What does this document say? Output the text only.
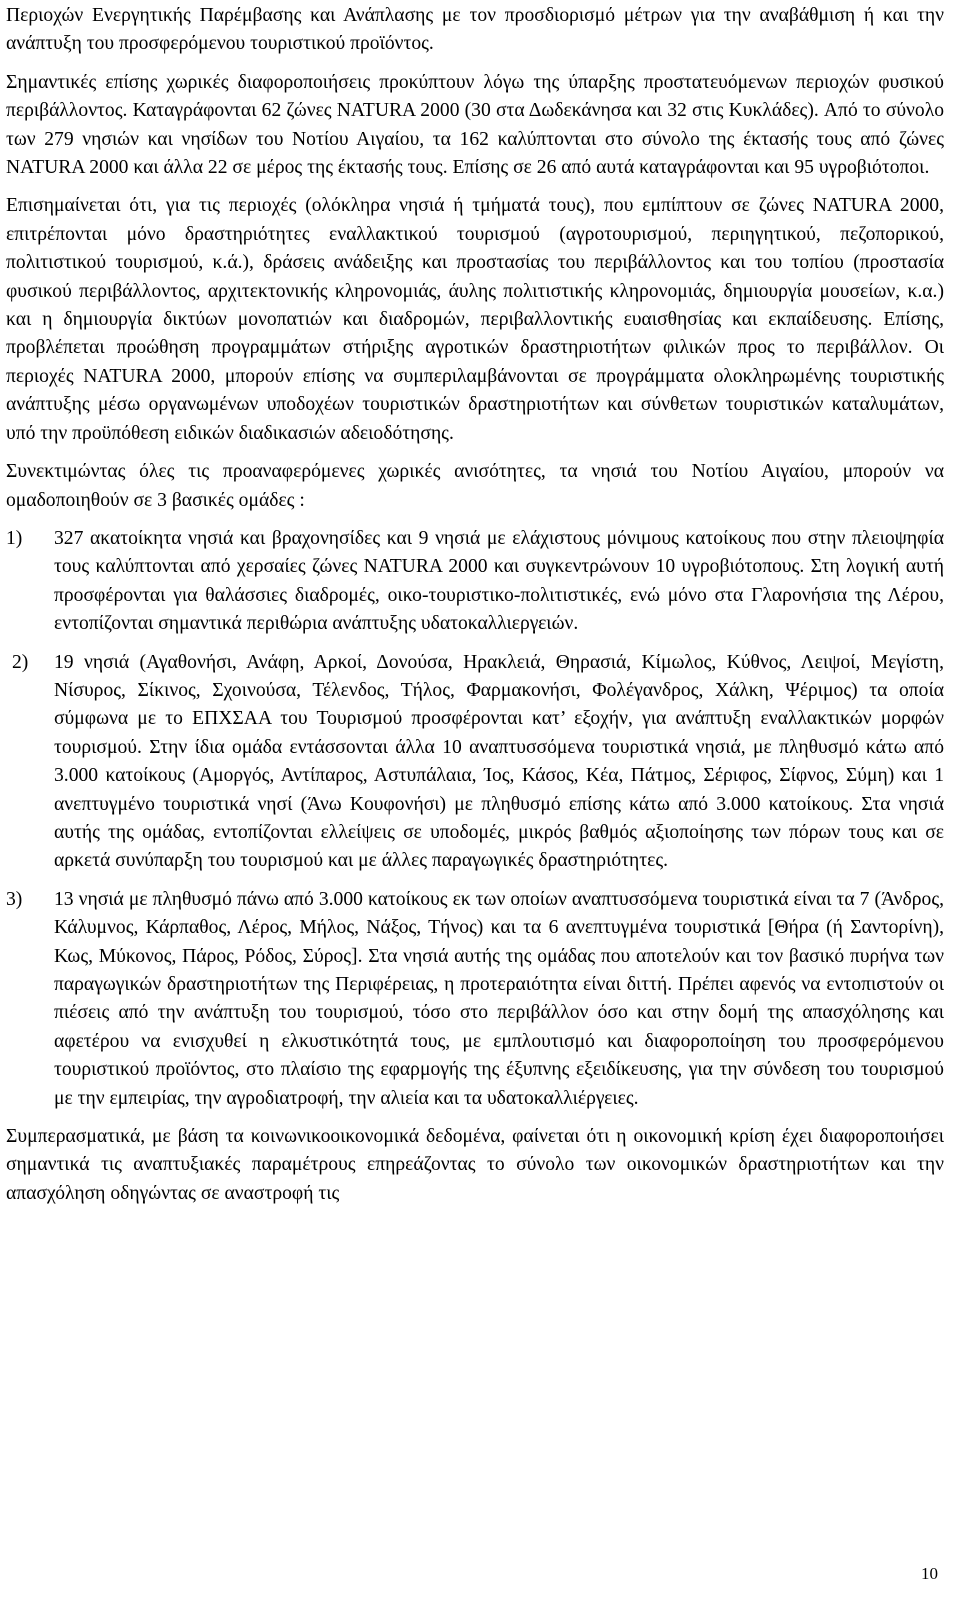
Περιοχών Ενεργητικής Παρέμβασης και Ανάπλασης με τον προσδιορισμό μέτρων για την αναβάθμιση ή και την ανάπτυξη του προσφερόμενου τουριστικού προϊόντος.

Σημαντικές επίσης χωρικές διαφοροποιήσεις προκύπτουν λόγω της ύπαρξης προστατευόμενων περιοχών φυσικού περιβάλλοντος. Καταγράφονται 62 ζώνες NATURA 2000 (30 στα Δωδεκάνησα και 32 στις Κυκλάδες). Από το σύνολο των 279 νησιών και νησίδων του Νοτίου Αιγαίου, τα 162 καλύπτονται στο σύνολο της έκτασής τους από ζώνες NATURA 2000 και άλλα 22 σε μέρος της έκτασής τους. Επίσης σε 26 από αυτά καταγράφονται και 95 υγροβιότοποι.

Επισημαίνεται ότι, για τις περιοχές (ολόκληρα νησιά ή τμήματά τους), που εμπίπτουν σε ζώνες NATURA 2000, επιτρέπονται μόνο δραστηριότητες εναλλακτικού τουρισμού (αγροτουρισμού, περιηγητικού, πεζοπορικού, πολιτιστικού τουρισμού, κ.ά.), δράσεις ανάδειξης και προστασίας του περιβάλλοντος και του τοπίου (προστασία φυσικού περιβάλλοντος, αρχιτεκτονικής κληρονομιάς, άυλης πολιτιστικής κληρονομιάς, δημιουργία μουσείων, κ.α.) και η δημιουργία δικτύων μονοπατιών και διαδρομών, περιβαλλοντικής ευαισθησίας και εκπαίδευσης. Επίσης, προβλέπεται προώθηση προγραμμάτων στήριξης αγροτικών δραστηριοτήτων φιλικών προς το περιβάλλον. Οι περιοχές NATURA 2000, μπορούν επίσης να συμπεριλαμβάνονται σε προγράμματα ολοκληρωμένης τουριστικής ανάπτυξης μέσω οργανωμένων υποδοχέων τουριστικών δραστηριοτήτων και σύνθετων τουριστικών καταλυμάτων, υπό την προϋπόθεση ειδικών διαδικασιών αδειοδότησης.

Συνεκτιμώντας όλες τις προαναφερόμενες χωρικές ανισότητες, τα νησιά του Νοτίου Αιγαίου, μπορούν να ομαδοποιηθούν σε 3 βασικές ομάδες :

1)	327 ακατοίκητα νησιά και βραχονησίδες και 9 νησιά με ελάχιστους μόνιμους κατοίκους που στην πλειοψηφία τους καλύπτονται από χερσαίες ζώνες NATURA 2000 και συγκεντρώνουν 10 υγροβιότοπους. Στη λογική αυτή προσφέρονται για θαλάσσιες διαδρομές, οικο-τουριστικο-πολιτιστικές, ενώ μόνο στα Γλαρονήσια της Λέρου, εντοπίζονται σημαντικά περιθώρια ανάπτυξης υδατοκαλλιεργειών.
2)	19 νησιά (Αγαθονήσι, Ανάφη, Αρκοί, Δονούσα, Ηρακλειά, Θηρασιά, Κίμωλος, Κύθνος, Λειψοί, Μεγίστη, Νίσυρος, Σίκινος, Σχοινούσα, Τέλενδος, Τήλος, Φαρμακονήσι, Φολέγανδρος, Χάλκη, Ψέριμος) τα οποία σύμφωνα με το ΕΠΧΣΑΑ του Τουρισμού προσφέρονται κατ’ εξοχήν, για ανάπτυξη εναλλακτικών μορφών τουρισμού. Στην ίδια ομάδα εντάσσονται άλλα 10 αναπτυσσόμενα τουριστικά νησιά, με πληθυσμό κάτω από 3.000 κατοίκους (Αμοργός, Αντίπαρος, Αστυπάλαια, Ίος, Κάσος, Κέα, Πάτμος, Σέριφος, Σίφνος, Σύμη) και 1 ανεπτυγμένο τουριστικά νησί (Άνω Κουφονήσι) με πληθυσμό επίσης κάτω από 3.000 κατοίκους. Στα νησιά αυτής της ομάδας, εντοπίζονται ελλείψεις σε υποδομές, μικρός βαθμός αξιοποίησης των πόρων τους και σε αρκετά συνύπαρξη του τουρισμού και με άλλες παραγωγικές δραστηριότητες.
3)	13 νησιά με πληθυσμό πάνω από 3.000 κατοίκους εκ των οποίων αναπτυσσόμενα τουριστικά είναι τα 7 (Άνδρος, Κάλυμνος, Κάρπαθος, Λέρος, Μήλος, Νάξος, Τήνος) και τα 6 ανεπτυγμένα τουριστικά [Θήρα (ή Σαντορίνη), Κως, Μύκονος, Πάρος, Ρόδος, Σύρος]. Στα νησιά αυτής της ομάδας που αποτελούν και τον βασικό πυρήνα των παραγωγικών δραστηριοτήτων της Περιφέρειας, η προτεραιότητα είναι διττή. Πρέπει αφενός να εντοπιστούν οι πιέσεις από την ανάπτυξη του τουρισμού, τόσο στο περιβάλλον όσο και στην δομή της απασχόλησης και αφετέρου να ενισχυθεί η ελκυστικότητά τους, με εμπλουτισμό και διαφοροποίηση του προσφερόμενου τουριστικού προϊόντος, στο πλαίσιο της εφαρμογής της έξυπνης εξειδίκευσης, για την σύνδεση του τουρισμού με την εμπειρίας, την αγροδιατροφή, την αλιεία και τα υδατοκαλλιέργειες.

Συμπερασματικά, με βάση τα κοινωνικοοικονομικά δεδομένα, φαίνεται ότι η οικονομική κρίση έχει διαφοροποιήσει σημαντικά τις αναπτυξιακές παραμέτρους επηρεάζοντας το σύνολο των οικονομικών δραστηριοτήτων και την απασχόληση οδηγώντας σε αναστροφή τις

10
